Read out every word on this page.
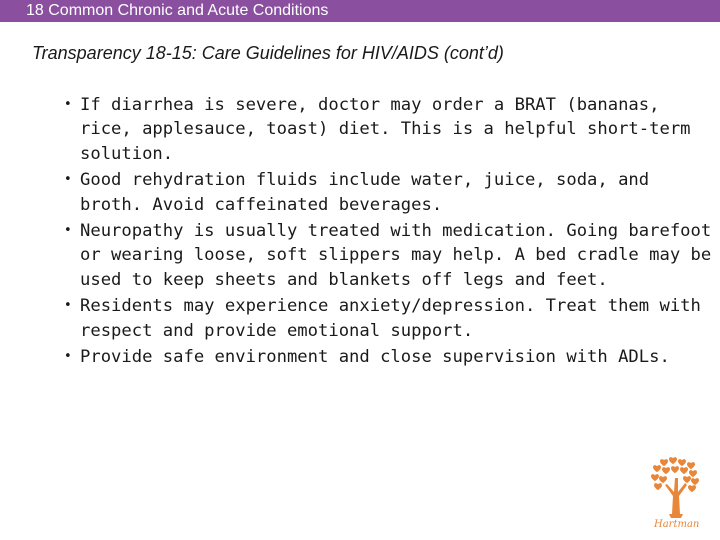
18 Common Chronic and Acute Conditions
Transparency 18-15: Care Guidelines for HIV/AIDS (cont’d)
• If diarrhea is severe, doctor may order a BRAT (bananas, rice, applesauce, toast) diet. This is a helpful short-term solution.
• Good rehydration fluids include water, juice, soda, and broth. Avoid caffeinated beverages.
• Neuropathy is usually treated with medication. Going barefoot or wearing loose, soft slippers may help. A bed cradle may be used to keep sheets and blankets off legs and feet.
• Residents may experience anxiety/depression. Treat them with respect and provide emotional support.
• Provide safe environment and close supervision with ADLs.
Hartman
